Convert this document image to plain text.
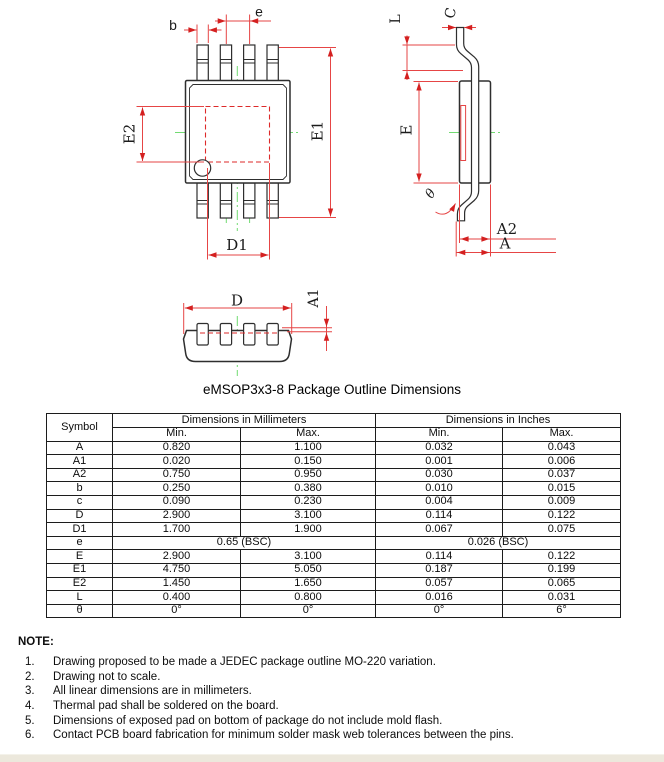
b
e
E1
E2
D1
C
L
E
θ
A2
A
A1
D
eMSOP3x3-8 Package Outline Dimensions
Symbol	Dimensions in Millimeters		Dimensions in Inches	
	Min.	Max.	Min.	Max.
A	0.820	1.100	0.032	0.043
A1	0.020	0.150	0.001	0.006
A2	0.750	0.950	0.030	0.037
b	0.250	0.380	0.010	0.015
c	0.090	0.230	0.004	0.009
D	2.900	3.100	0.114	0.122
D1	1.700	1.900	0.067	0.075
e	0.65 (BSC)		0.026 (BSC)	
E	2.900	3.100	0.114	0.122
E1	4.750	5.050	0.187	0.199
E2	1.450	1.650	0.057	0.065
L	0.400	0.800	0.016	0.031
θ	0°	0°	0°	6°
NOTE:
1.	Drawing proposed to be made a JEDEC package outline MO-220 variation.
2.	Drawing not to scale.
3.	All linear dimensions are in millimeters.
4.	Thermal pad shall be soldered on the board.
5.	Dimensions of exposed pad on bottom of package do not include mold flash.
6.	Contact PCB board fabrication for minimum solder mask web tolerances between the pins.
